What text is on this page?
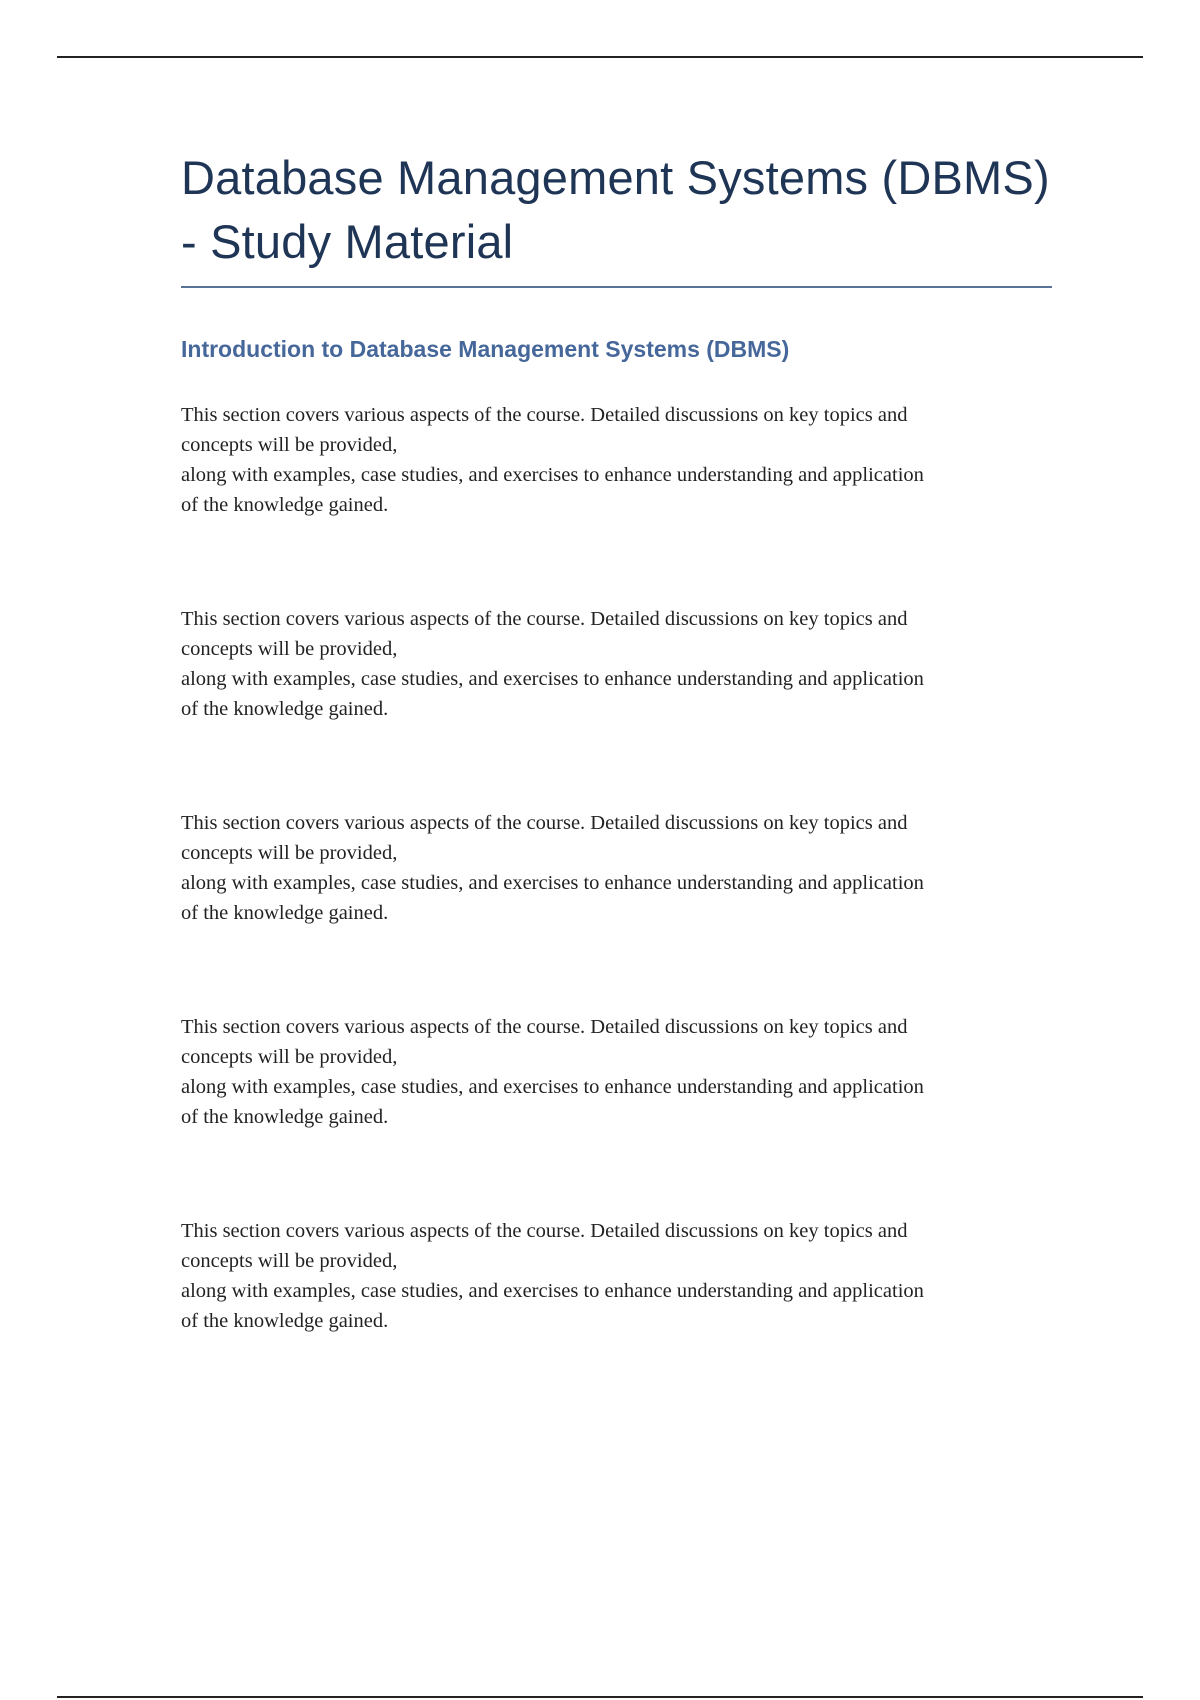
Database Management Systems (DBMS)
- Study Material
Introduction to Database Management Systems (DBMS)

This section covers various aspects of the course. Detailed discussions on key topics and
concepts will be provided,
along with examples, case studies, and exercises to enhance understanding and application
of the knowledge gained.

This section covers various aspects of the course. Detailed discussions on key topics and
concepts will be provided,
along with examples, case studies, and exercises to enhance understanding and application
of the knowledge gained.

This section covers various aspects of the course. Detailed discussions on key topics and
concepts will be provided,
along with examples, case studies, and exercises to enhance understanding and application
of the knowledge gained.

This section covers various aspects of the course. Detailed discussions on key topics and
concepts will be provided,
along with examples, case studies, and exercises to enhance understanding and application
of the knowledge gained.

This section covers various aspects of the course. Detailed discussions on key topics and
concepts will be provided,
along with examples, case studies, and exercises to enhance understanding and application
of the knowledge gained.
